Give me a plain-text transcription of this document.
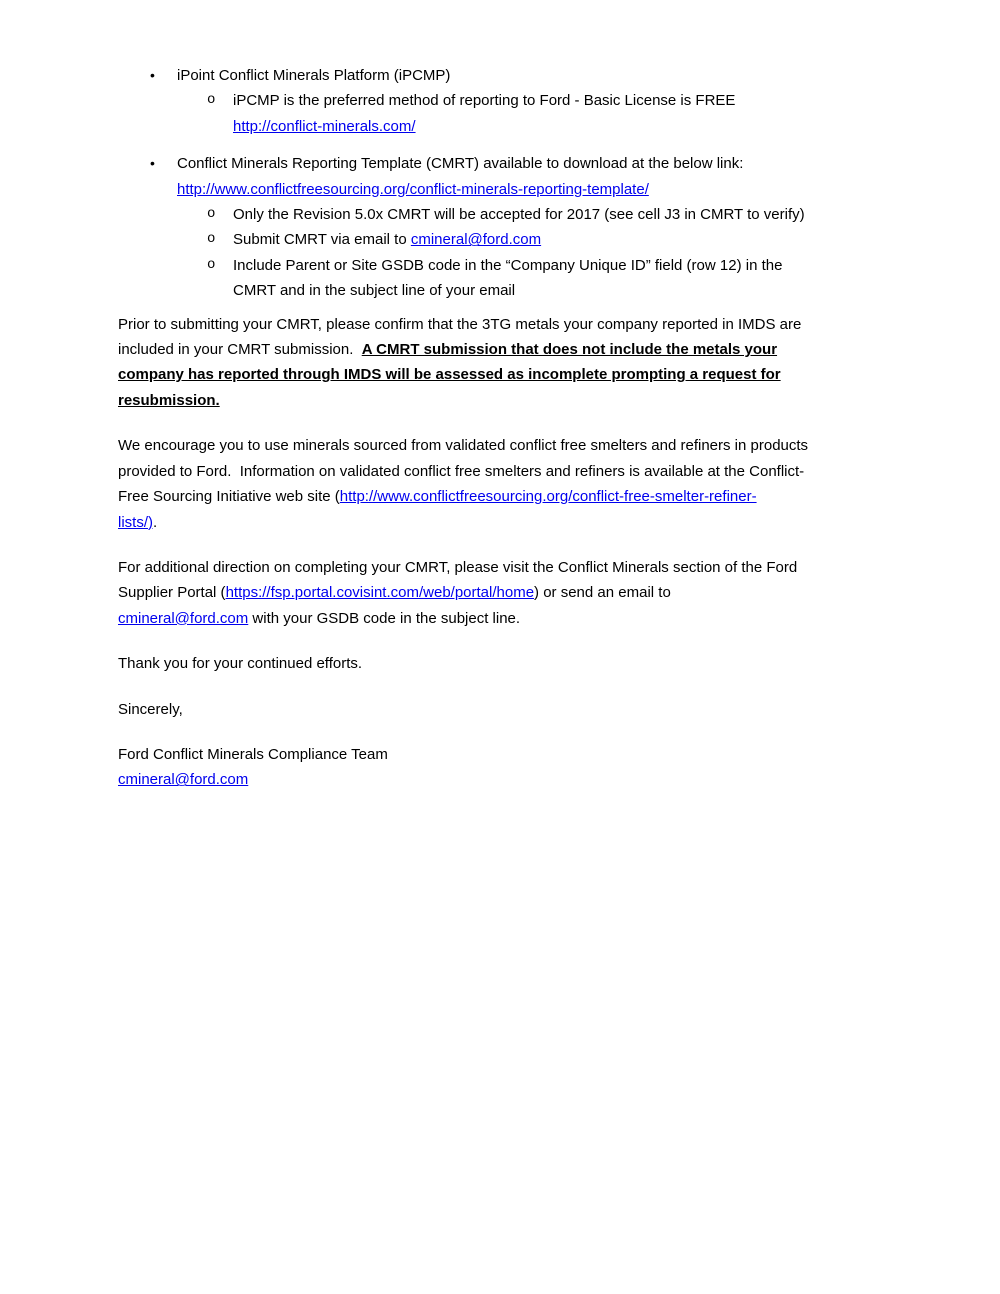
•	iPoint Conflict Minerals Platform (iPCMP)
o	iPCMP is the preferred method of reporting to Ford - Basic License is FREE
http://conflict-minerals.com/
•	Conflict Minerals Reporting Template (CMRT) available to download at the below link:
http://www.conflictfreesourcing.org/conflict-minerals-reporting-template/
o	Only the Revision 5.0x CMRT will be accepted for 2017 (see cell J3 in CMRT to verify)
o	Submit CMRT via email to cmineral@ford.com
o	Include Parent or Site GSDB code in the “Company Unique ID” field (row 12) in the
CMRT and in the subject line of your email
Prior to submitting your CMRT, please confirm that the 3TG metals your company reported in IMDS are
included in your CMRT submission.  A CMRT submission that does not include the metals your
company has reported through IMDS will be assessed as incomplete prompting a request for
resubmission.
We encourage you to use minerals sourced from validated conflict free smelters and refiners in products
provided to Ford.  Information on validated conflict free smelters and refiners is available at the Conflict-
Free Sourcing Initiative web site (http://www.conflictfreesourcing.org/conflict-free-smelter-refiner-
lists/).
For additional direction on completing your CMRT, please visit the Conflict Minerals section of the Ford
Supplier Portal (https://fsp.portal.covisint.com/web/portal/home) or send an email to
cmineral@ford.com with your GSDB code in the subject line.
Thank you for your continued efforts.
Sincerely,
Ford Conflict Minerals Compliance Team
cmineral@ford.com
